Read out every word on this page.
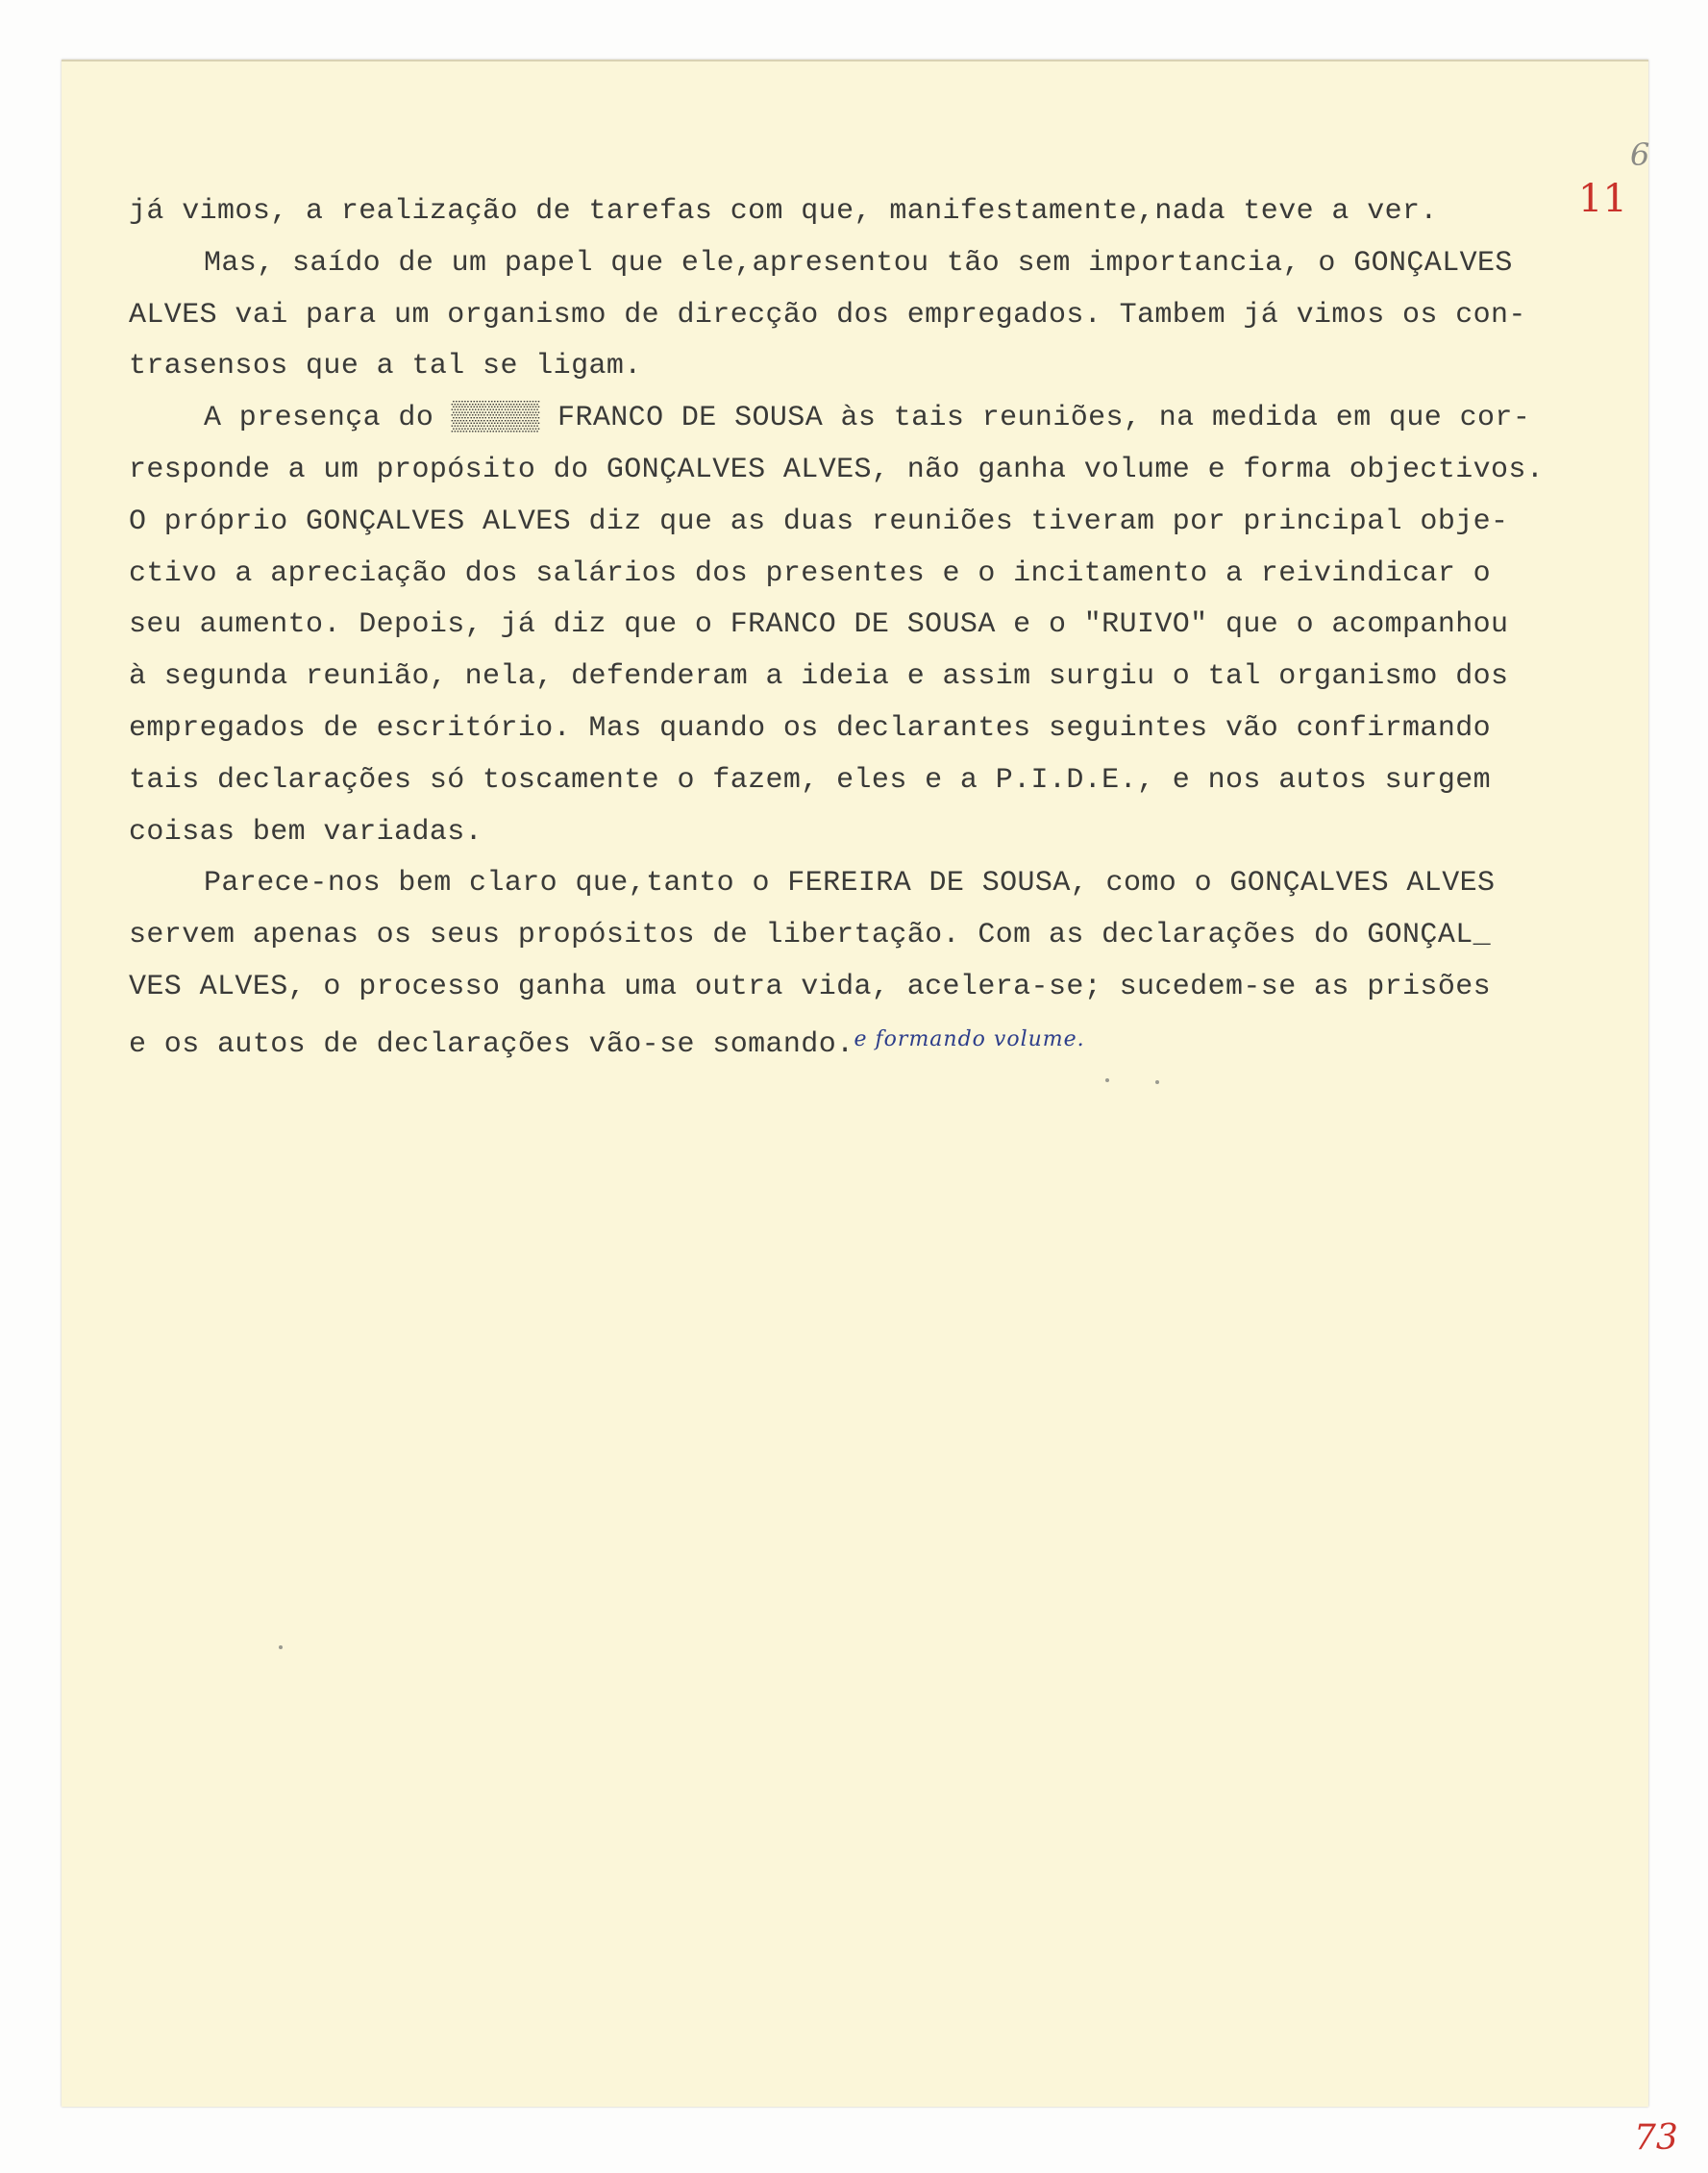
11
6

já vimos, a realização de tarefas com que, manifestamente,nada teve a ver.

Mas, saído de um papel que ele,apresentou tão sem importancia, o GONÇALVES
ALVES vai para um organismo de direcção dos empregados. Tambem já vimos os con-
trasensos que a tal se ligam.

A presença do ▒▒▒▒▒ FRANCO DE SOUSA às tais reuniões, na medida em que cor-
responde a um propósito do GONÇALVES ALVES, não ganha volume e forma objectivos.
O próprio GONÇALVES ALVES diz que as duas reuniões tiveram por principal obje-
ctivo a apreciação dos salários dos presentes e o incitamento a reivindicar o
seu aumento. Depois, já diz que o FRANCO DE SOUSA e o "RUIVO" que o acompanhou
à segunda reunião, nela, defenderam a ideia e assim surgiu o tal organismo dos
empregados de escritório. Mas quando os declarantes seguintes vão confirmando
tais declarações só toscamente o fazem, eles e a P.I.D.E., e nos autos surgem
coisas bem variadas.

Parece-nos bem claro que,tanto o FEREIRA DE SOUSA, como o GONÇALVES ALVES
servem apenas os seus propósitos de libertação. Com as declarações do GONÇAL_
VES ALVES, o processo ganha uma outra vida, acelera-se; sucedem-se as prisões
e os autos de declarações vão-se somando.$^{e formando volume.}$

73
